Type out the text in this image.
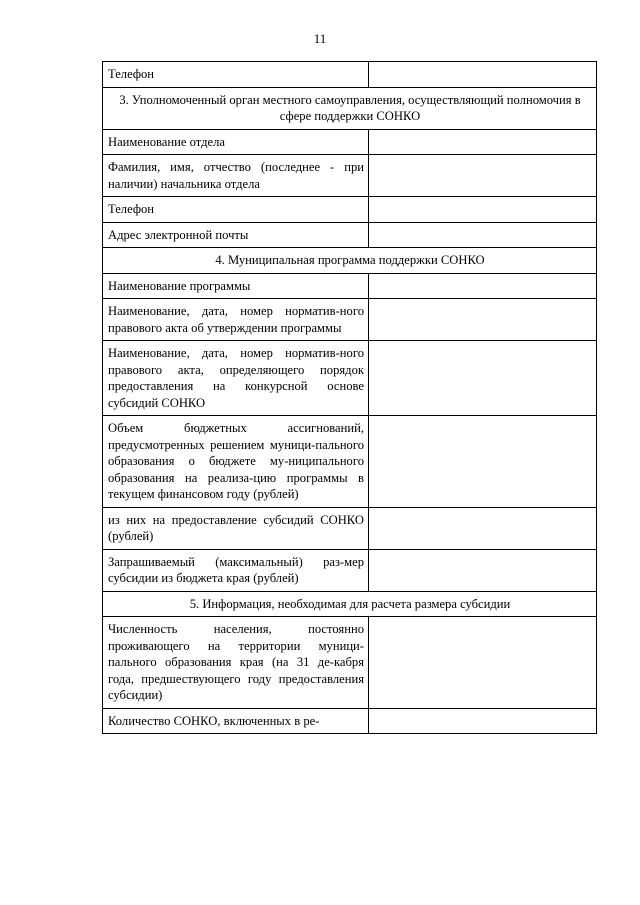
11
Телефон	
3. Уполномоченный орган местного самоуправления, осуществляющий полномочия в сфере поддержки СОНКО	
Наименование отдела	
Фамилия, имя, отчество (последнее - при наличии) начальника отдела	
Телефон	
Адрес электронной почты	
4. Муниципальная программа поддержки СОНКО	
Наименование программы	
Наименование, дата, номер норматив-ного правового акта об утверждении программы	
Наименование, дата, номер норматив-ного правового акта, определяющего порядок предоставления на конкурсной основе субсидий СОНКО	
Объем бюджетных ассигнований, предусмотренных решением муници-пального образования о бюджете му-ниципального образования на реализа-цию программы в текущем финансовом году (рублей)	
из них на предоставление субсидий СОНКО (рублей)	
Запрашиваемый (максимальный) раз-мер субсидии из бюджета края (рублей)	
5. Информация, необходимая для расчета размера субсидии	
Численность населения, постоянно проживающего на территории муници-пального образования края (на 31 де-кабря года, предшествующего году предоставления субсидии)	
Количество СОНКО, включенных в ре-	
